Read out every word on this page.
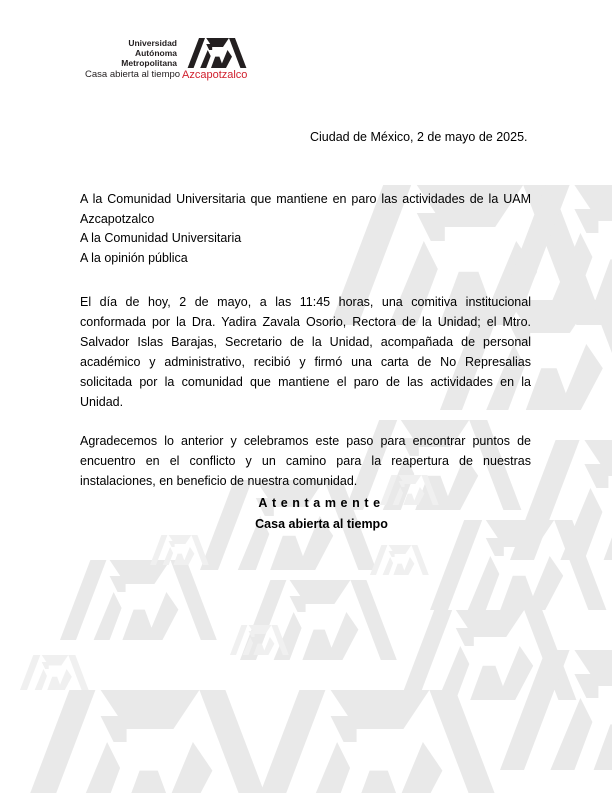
Universidad
Autónoma
Metropolitana
Casa abierta al tiempo Azcapotzalco
Ciudad de México, 2 de mayo de 2025.

A la Comunidad Universitaria que mantiene en paro las actividades de la UAM Azcapotzalco

A la Comunidad Universitaria

A la opinión pública

El día de hoy, 2 de mayo, a las 11:45 horas, una comitiva institucional conformada por la Dra. Yadira Zavala Osorio, Rectora de la Unidad; el Mtro. Salvador Islas Barajas, Secretario de la Unidad, acompañada de personal académico y administrativo, recibió y firmó una carta de No Represalias solicitada por la comunidad que mantiene el paro de las actividades en la Unidad.

Agradecemos lo anterior y celebramos este paso para encontrar puntos de encuentro en el conflicto y un camino para la reapertura de nuestras instalaciones, en beneficio de nuestra comunidad.

Atentamente
Casa abierta al tiempo
